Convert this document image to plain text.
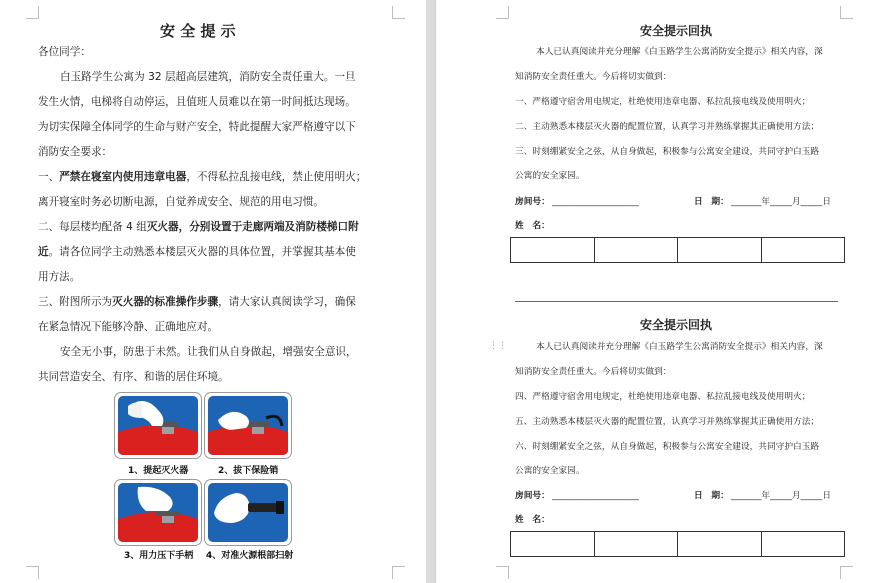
安 全 提 示
各位同学：
白玉路学生公寓为 32 层超高层建筑，消防安全责任重大。一旦
发生火情，电梯将自动停运，且值班人员难以在第一时间抵达现场。
为切实保障全体同学的生命与财产安全，特此提醒大家严格遵守以下
消防安全要求：
一、严禁在寝室内使用违章电器，不得私拉乱接电线，禁止使用明火；
离开寝室时务必切断电源，自觉养成安全、规范的用电习惯。
二、每层楼均配备 4 组灭火器，分别设置于走廊两端及消防楼梯口附
近。请各位同学主动熟悉本楼层灭火器的具体位置，并掌握其基本使
用方法。
三、附图所示为灭火器的标准操作步骤，请大家认真阅读学习，确保
在紧急情况下能够冷静、正确地应对。
安全无小事，防患于未然。让我们从自身做起，增强安全意识，
共同营造安全、有序、和谐的居住环境。
1、提起灭火器	2、拔下保险销
3、用力压下手柄 4、对准火源根部扫射
安全提示回执
本人已认真阅读并充分理解《白玉路学生公寓消防安全提示》相关内容，深
知消防安全责任重大。今后将切实做到：
一、严格遵守宿舍用电规定，杜绝使用违章电器、私拉乱接电线及使用明火；
二、主动熟悉本楼层灭火器的配置位置，认真学习并熟练掌握其正确使用方法；
三、时刻绷紧安全之弦，从自身做起，积极参与公寓安全建设，共同守护白玉路
公寓的安全家园。
房间号： ____________________	日　期： _______年_____月_____日
姓　名：
安全提示回执
⋮⋮	本人已认真阅读并充分理解《白玉路学生公寓消防安全提示》相关内容，深
知消防安全责任重大。今后将切实做到：
四、严格遵守宿舍用电规定，杜绝使用违章电器、私拉乱接电线及使用明火；
五、主动熟悉本楼层灭火器的配置位置，认真学习并熟练掌握其正确使用方法；
六、时刻绷紧安全之弦，从自身做起，积极参与公寓安全建设，共同守护白玉路
公寓的安全家园。
房间号： ____________________	日　期： _______年_____月_____日
姓　名：
